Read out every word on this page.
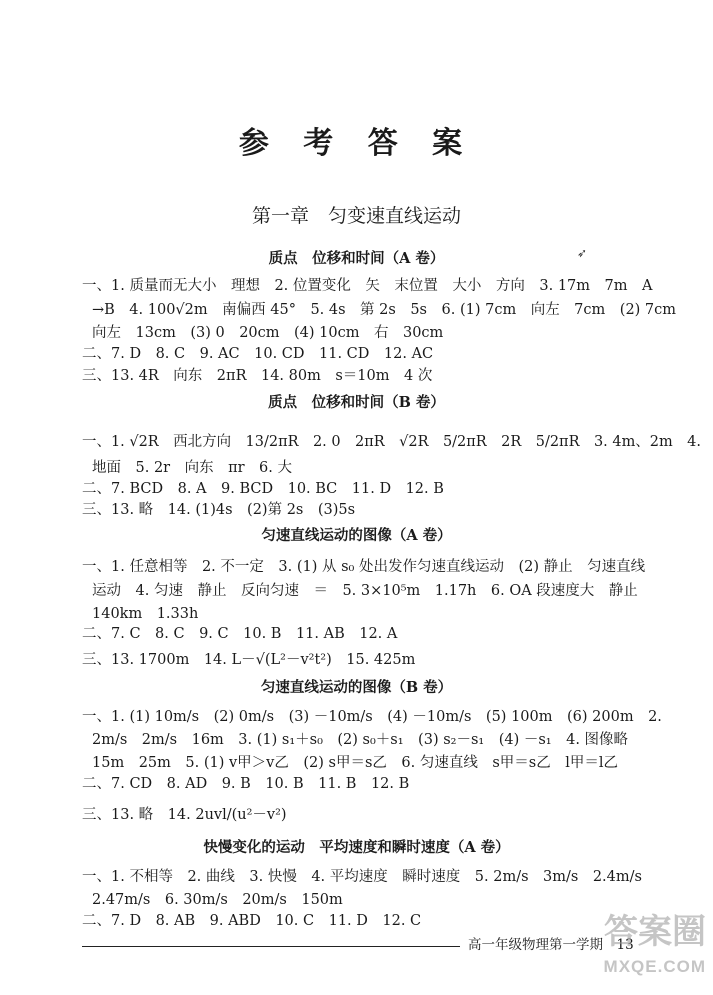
参 考 答 案
第一章　匀变速直线运动
➶
质点　位移和时间（A 卷）
一、1. 质量而无大小　理想　2. 位置变化　矢　末位置　大小　方向　3. 17m　7m　A
→B　4. 100√2m　南偏西 45°　5. 4s　第 2s　5s　6. (1) 7cm　向左　7cm　(2) 7cm
向左　13cm　(3) 0　20cm　(4) 10cm　右　30cm
二、7. D　8. C　9. AC　10. CD　11. CD　12. AC
三、13. 4R　向东　2πR　14. 80m　s＝10m　4 次
质点　位移和时间（B 卷）
一、1. √2R　西北方向　13/2πR　2. 0　2πR　√2R　5/2πR　2R　5/2πR　3. 4m、2m　4.
地面　5. 2r　向东　πr　6. 大
二、7. BCD　8. A　9. BCD　10. BC　11. D　12. B
三、13. 略　14. (1)4s　(2)第 2s　(3)5s
匀速直线运动的图像（A 卷）
一、1. 任意相等　2. 不一定　3. (1) 从 s₀ 处出发作匀速直线运动　(2) 静止　匀速直线
运动　4. 匀速　静止　反向匀速　＝　5. 3×10⁵m　1.17h　6. OA 段速度大　静止
140km　1.33h
二、7. C　8. C　9. C　10. B　11. AB　12. A
三、13. 1700m　14. L－√(L²－v²t²)　15. 425m
匀速直线运动的图像（B 卷）
一、1. (1) 10m/s　(2) 0m/s　(3) －10m/s　(4) －10m/s　(5) 100m　(6) 200m　2.
2m/s　2m/s　16m　3. (1) s₁＋s₀　(2) s₀＋s₁　(3) s₂－s₁　(4) －s₁　4. 图像略
15m　25m　5. (1) v甲＞v乙　(2) s甲＝s乙　6. 匀速直线　s甲＝s乙　l甲＝l乙
二、7. CD　8. AD　9. B　10. B　11. B　12. B
三、13. 略　14. 2uvl/(u²－v²)
快慢变化的运动　平均速度和瞬时速度（A 卷）
一、1. 不相等　2. 曲线　3. 快慢　4. 平均速度　瞬时速度　5. 2m/s　3m/s　2.4m/s
2.47m/s　6. 30m/s　20m/s　150m
二、7. D　8. AB　9. ABD　10. C　11. D　12. C
高一年级物理第一学期　13
答案圈
MXQE.COM
